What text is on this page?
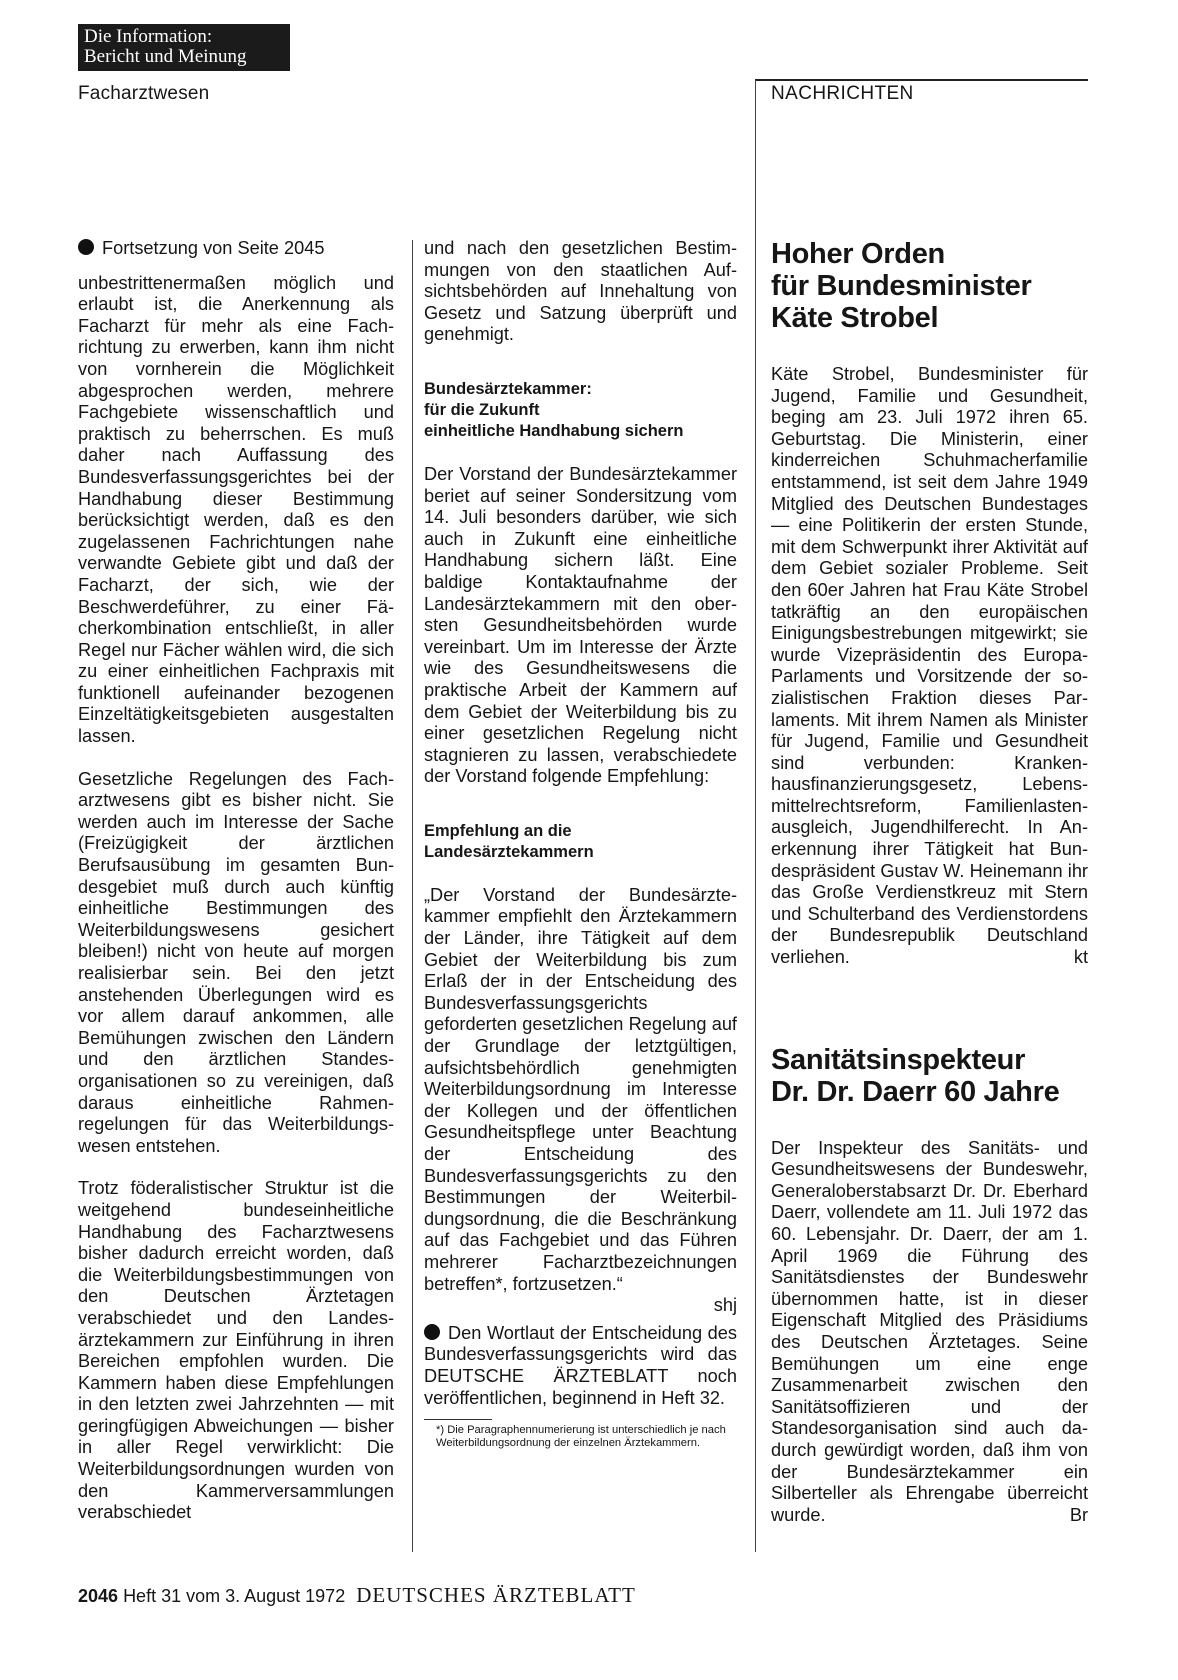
Die Information:
Bericht und Meinung
Facharztwesen	NACHRICHTEN

Fortsetzung von Seite 2045

unbestrittenermaßen möglich und erlaubt ist, die Anerkennung als Facharzt für mehr als eine Fachrichtung zu erwerben, kann ihm nicht von vornherein die Möglichkeit abgesprochen werden, mehrere Fachgebiete wissenschaftlich und praktisch zu beherrschen. Es muß daher nach Auffassung des Bundesverfassungsgerichtes bei der Handhabung dieser Bestimmung berücksichtigt werden, daß es den zugelassenen Fachrichtungen nahe verwandte Gebiete gibt und daß der Facharzt, der sich, wie der Beschwerdeführer, zu einer Fächerkombination entschließt, in aller Regel nur Fächer wählen wird, die sich zu einer einheitlichen Fachpraxis mit funktionell aufeinander bezogenen Einzeltätigkeitsgebieten ausgestalten lassen.

Gesetzliche Regelungen des Facharztwesens gibt es bisher nicht. Sie werden auch im Interesse der Sache (Freizügigkeit der ärztlichen Berufsausübung im gesamten Bundesgebiet muß durch auch künftig einheitliche Bestimmungen des Weiterbildungswesens gesichert bleiben!) nicht von heute auf morgen realisierbar sein. Bei den jetzt anstehenden Überlegungen wird es vor allem darauf ankommen, alle Bemühungen zwischen den Ländern und den ärztlichen Standesorganisationen so zu vereinigen, daß daraus einheitliche Rahmenregelungen für das Weiterbildungswesen entstehen.

Trotz föderalistischer Struktur ist die weitgehend bundeseinheitliche Handhabung des Facharztwesens bisher dadurch erreicht worden, daß die Weiterbildungsbestimmungen von den Deutschen Ärztetagen verabschiedet und den Landesärztekammern zur Einführung in ihren Bereichen empfohlen wurden. Die Kammern haben diese Empfehlungen in den letzten zwei Jahrzehnten — mit geringfügigen Abweichungen — bisher in aller Regel verwirklicht: Die Weiterbildungsordnungen wurden von den Kammerversammlungen verabschiedet

und nach den gesetzlichen Bestimmungen von den staatlichen Aufsichtsbehörden auf Innehaltung von Gesetz und Satzung überprüft und genehmigt.

Bundesärztekammer:
für die Zukunft
einheitliche Handhabung sichern

Der Vorstand der Bundesärztekammer beriet auf seiner Sondersitzung vom 14. Juli besonders darüber, wie sich auch in Zukunft eine einheitliche Handhabung sichern läßt. Eine baldige Kontaktaufnahme der Landesärztekammern mit den obersten Gesundheitsbehörden wurde vereinbart. Um im Interesse der Ärzte wie des Gesundheitswesens die praktische Arbeit der Kammern auf dem Gebiet der Weiterbildung bis zu einer gesetzlichen Regelung nicht stagnieren zu lassen, verabschiedete der Vorstand folgende Empfehlung:

Empfehlung an die
Landesärztekammern

„Der Vorstand der Bundesärztekammer empfiehlt den Ärztekammern der Länder, ihre Tätigkeit auf dem Gebiet der Weiterbildung bis zum Erlaß der in der Entscheidung des Bundesverfassungsgerichts geforderten gesetzlichen Regelung auf der Grundlage der letztgültigen, aufsichtsbehördlich genehmigten Weiterbildungsordnung im Interesse der Kollegen und der öffentlichen Gesundheitspflege unter Beachtung der Entscheidung des Bundesverfassungsgerichts zu den Bestimmungen der Weiterbildungsordnung, die die Beschränkung auf das Fachgebiet und das Führen mehrerer Facharztbezeichnungen betreffen*, fortzusetzen.“

shj

Den Wortlaut der Entscheidung des Bundesverfassungsgerichts wird das DEUTSCHE ÄRZTEBLATT noch veröffentlichen, beginnend in Heft 32.

*) Die Paragraphennumerierung ist unterschiedlich je nach Weiterbildungsordnung der einzelnen Ärztekammern.

Hoher Orden
für Bundesminister
Käte Strobel

Käte Strobel, Bundesminister für Jugend, Familie und Gesundheit, beging am 23. Juli 1972 ihren 65. Geburtstag. Die Ministerin, einer kinderreichen Schuhmacherfamilie entstammend, ist seit dem Jahre 1949 Mitglied des Deutschen Bundestages — eine Politikerin der ersten Stunde, mit dem Schwerpunkt ihrer Aktivität auf dem Gebiet sozialer Probleme. Seit den 60er Jahren hat Frau Käte Strobel tatkräftig an den europäischen Einigungsbestrebungen mitgewirkt; sie wurde Vizepräsidentin des Europa-Parlaments und Vorsitzende der sozialistischen Fraktion dieses Parlaments. Mit ihrem Namen als Minister für Jugend, Familie und Gesundheit sind verbunden: Krankenhausfinanzierungsgesetz, Lebensmittelrechtsreform, Familienlastenausgleich, Jugendhilferecht. In Anerkennung ihrer Tätigkeit hat Bundespräsident Gustav W. Heinemann ihr das Große Verdienstkreuz mit Stern und Schulterband des Verdienstordens der Bundesrepublik Deutschland verliehen.	kt

Sanitätsinspekteur
Dr. Dr. Daerr 60 Jahre

Der Inspekteur des Sanitäts- und Gesundheitswesens der Bundeswehr, Generaloberstabsarzt Dr. Dr. Eberhard Daerr, vollendete am 11. Juli 1972 das 60. Lebensjahr. Dr. Daerr, der am 1. April 1969 die Führung des Sanitätsdienstes der Bundeswehr übernommen hatte, ist in dieser Eigenschaft Mitglied des Präsidiums des Deutschen Ärztetages. Seine Bemühungen um eine enge Zusammenarbeit zwischen den Sanitätsoffizieren und der Standesorganisation sind auch dadurch gewürdigt worden, daß ihm von der Bundesärztekammer ein Silberteller als Ehrengabe überreicht wurde.	Br

2046 Heft 31 vom 3. August 1972 DEUTSCHES ÄRZTEBLATT
